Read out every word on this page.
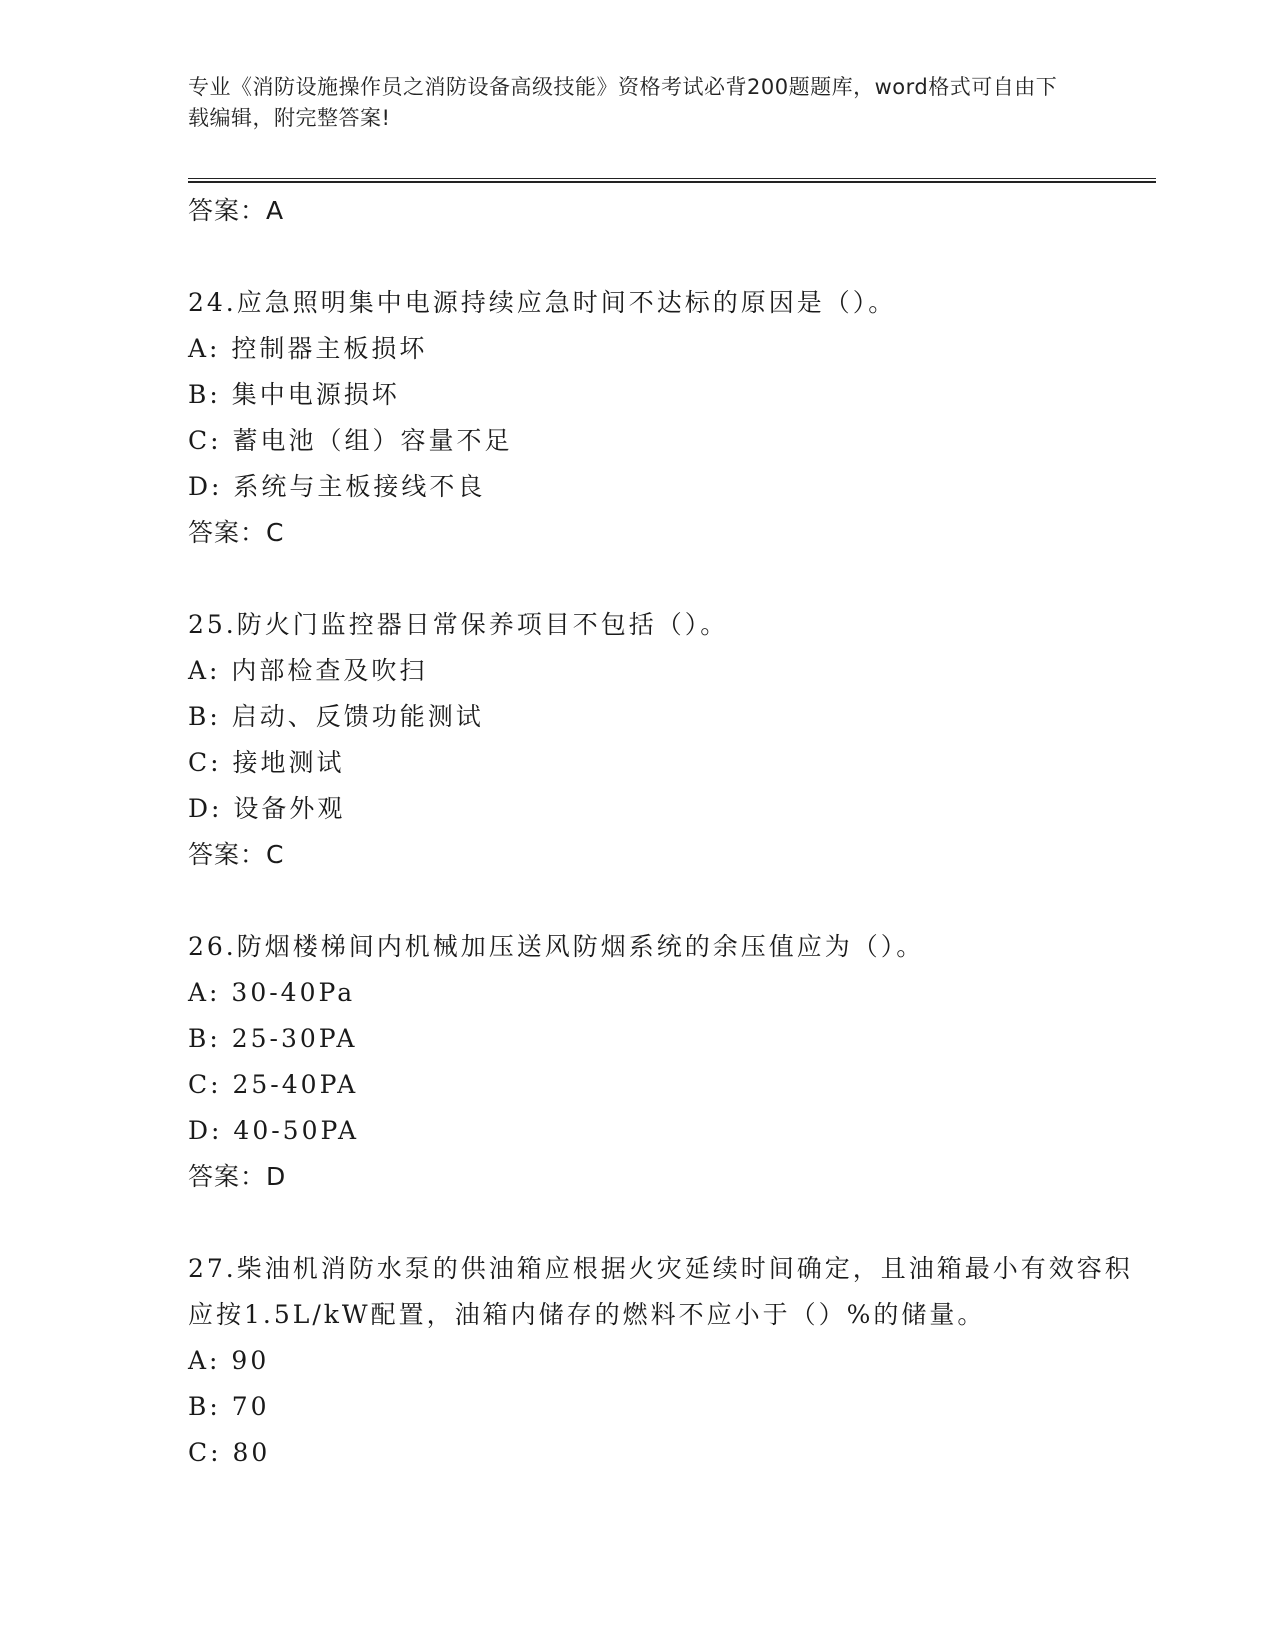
专业《消防设施操作员之消防设备高级技能》资格考试必背200题题库，word格式可自由下载编辑，附完整答案!
答案：A
24.应急照明集中电源持续应急时间不达标的原因是（）。
A: 控制器主板损坏
B: 集中电源损坏
C: 蓄电池（组）容量不足
D: 系统与主板接线不良
答案：C
25.防火门监控器日常保养项目不包括（）。
A: 内部检查及吹扫
B: 启动、反馈功能测试
C: 接地测试
D: 设备外观
答案：C
26.防烟楼梯间内机械加压送风防烟系统的余压值应为（）。
A: 30-40Pa
B: 25-30PA
C: 25-40PA
D: 40-50PA
答案：D
27.柴油机消防水泵的供油箱应根据火灾延续时间确定，且油箱最小有效容积应按1.5L/kW配置，油箱内储存的燃料不应小于（）%的储量。
A: 90
B: 70
C: 80
